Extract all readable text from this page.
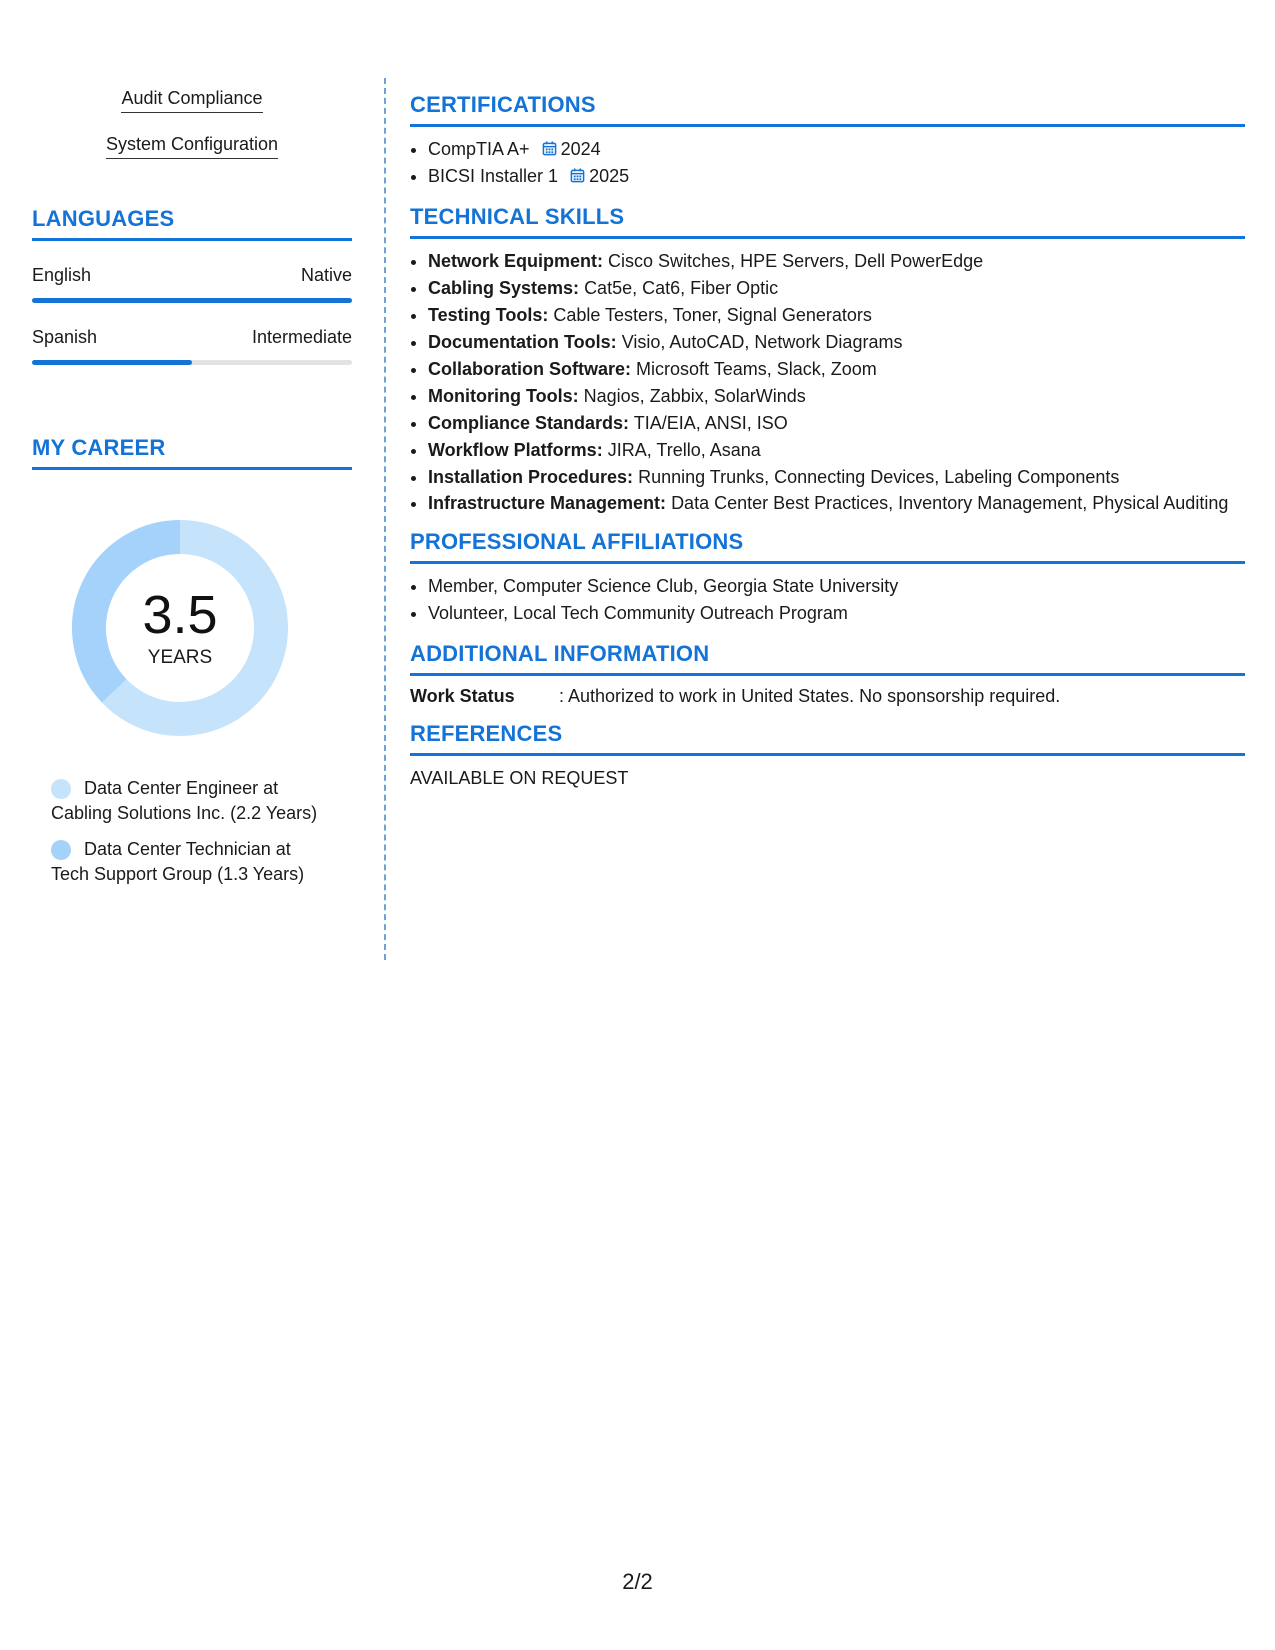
Audit Compliance
System Configuration
LANGUAGES
English	Native
Spanish	Intermediate
MY CAREER
3.5
YEARS
Data Center Engineer at Cabling Solutions Inc. (2.2 Years)
Data Center Technician at Tech Support Group (1.3 Years)
CERTIFICATIONS
• CompTIA A+ 2024
• BICSI Installer 1 2025
TECHNICAL SKILLS
• Network Equipment: Cisco Switches, HPE Servers, Dell PowerEdge
• Cabling Systems: Cat5e, Cat6, Fiber Optic
• Testing Tools: Cable Testers, Toner, Signal Generators
• Documentation Tools: Visio, AutoCAD, Network Diagrams
• Collaboration Software: Microsoft Teams, Slack, Zoom
• Monitoring Tools: Nagios, Zabbix, SolarWinds
• Compliance Standards: TIA/EIA, ANSI, ISO
• Workflow Platforms: JIRA, Trello, Asana
• Installation Procedures: Running Trunks, Connecting Devices, Labeling Components
• Infrastructure Management: Data Center Best Practices, Inventory Management, Physical Auditing
PROFESSIONAL AFFILIATIONS
• Member, Computer Science Club, Georgia State University
• Volunteer, Local Tech Community Outreach Program
ADDITIONAL INFORMATION
Work Status	: Authorized to work in United States. No sponsorship required.
REFERENCES
AVAILABLE ON REQUEST
2/2
